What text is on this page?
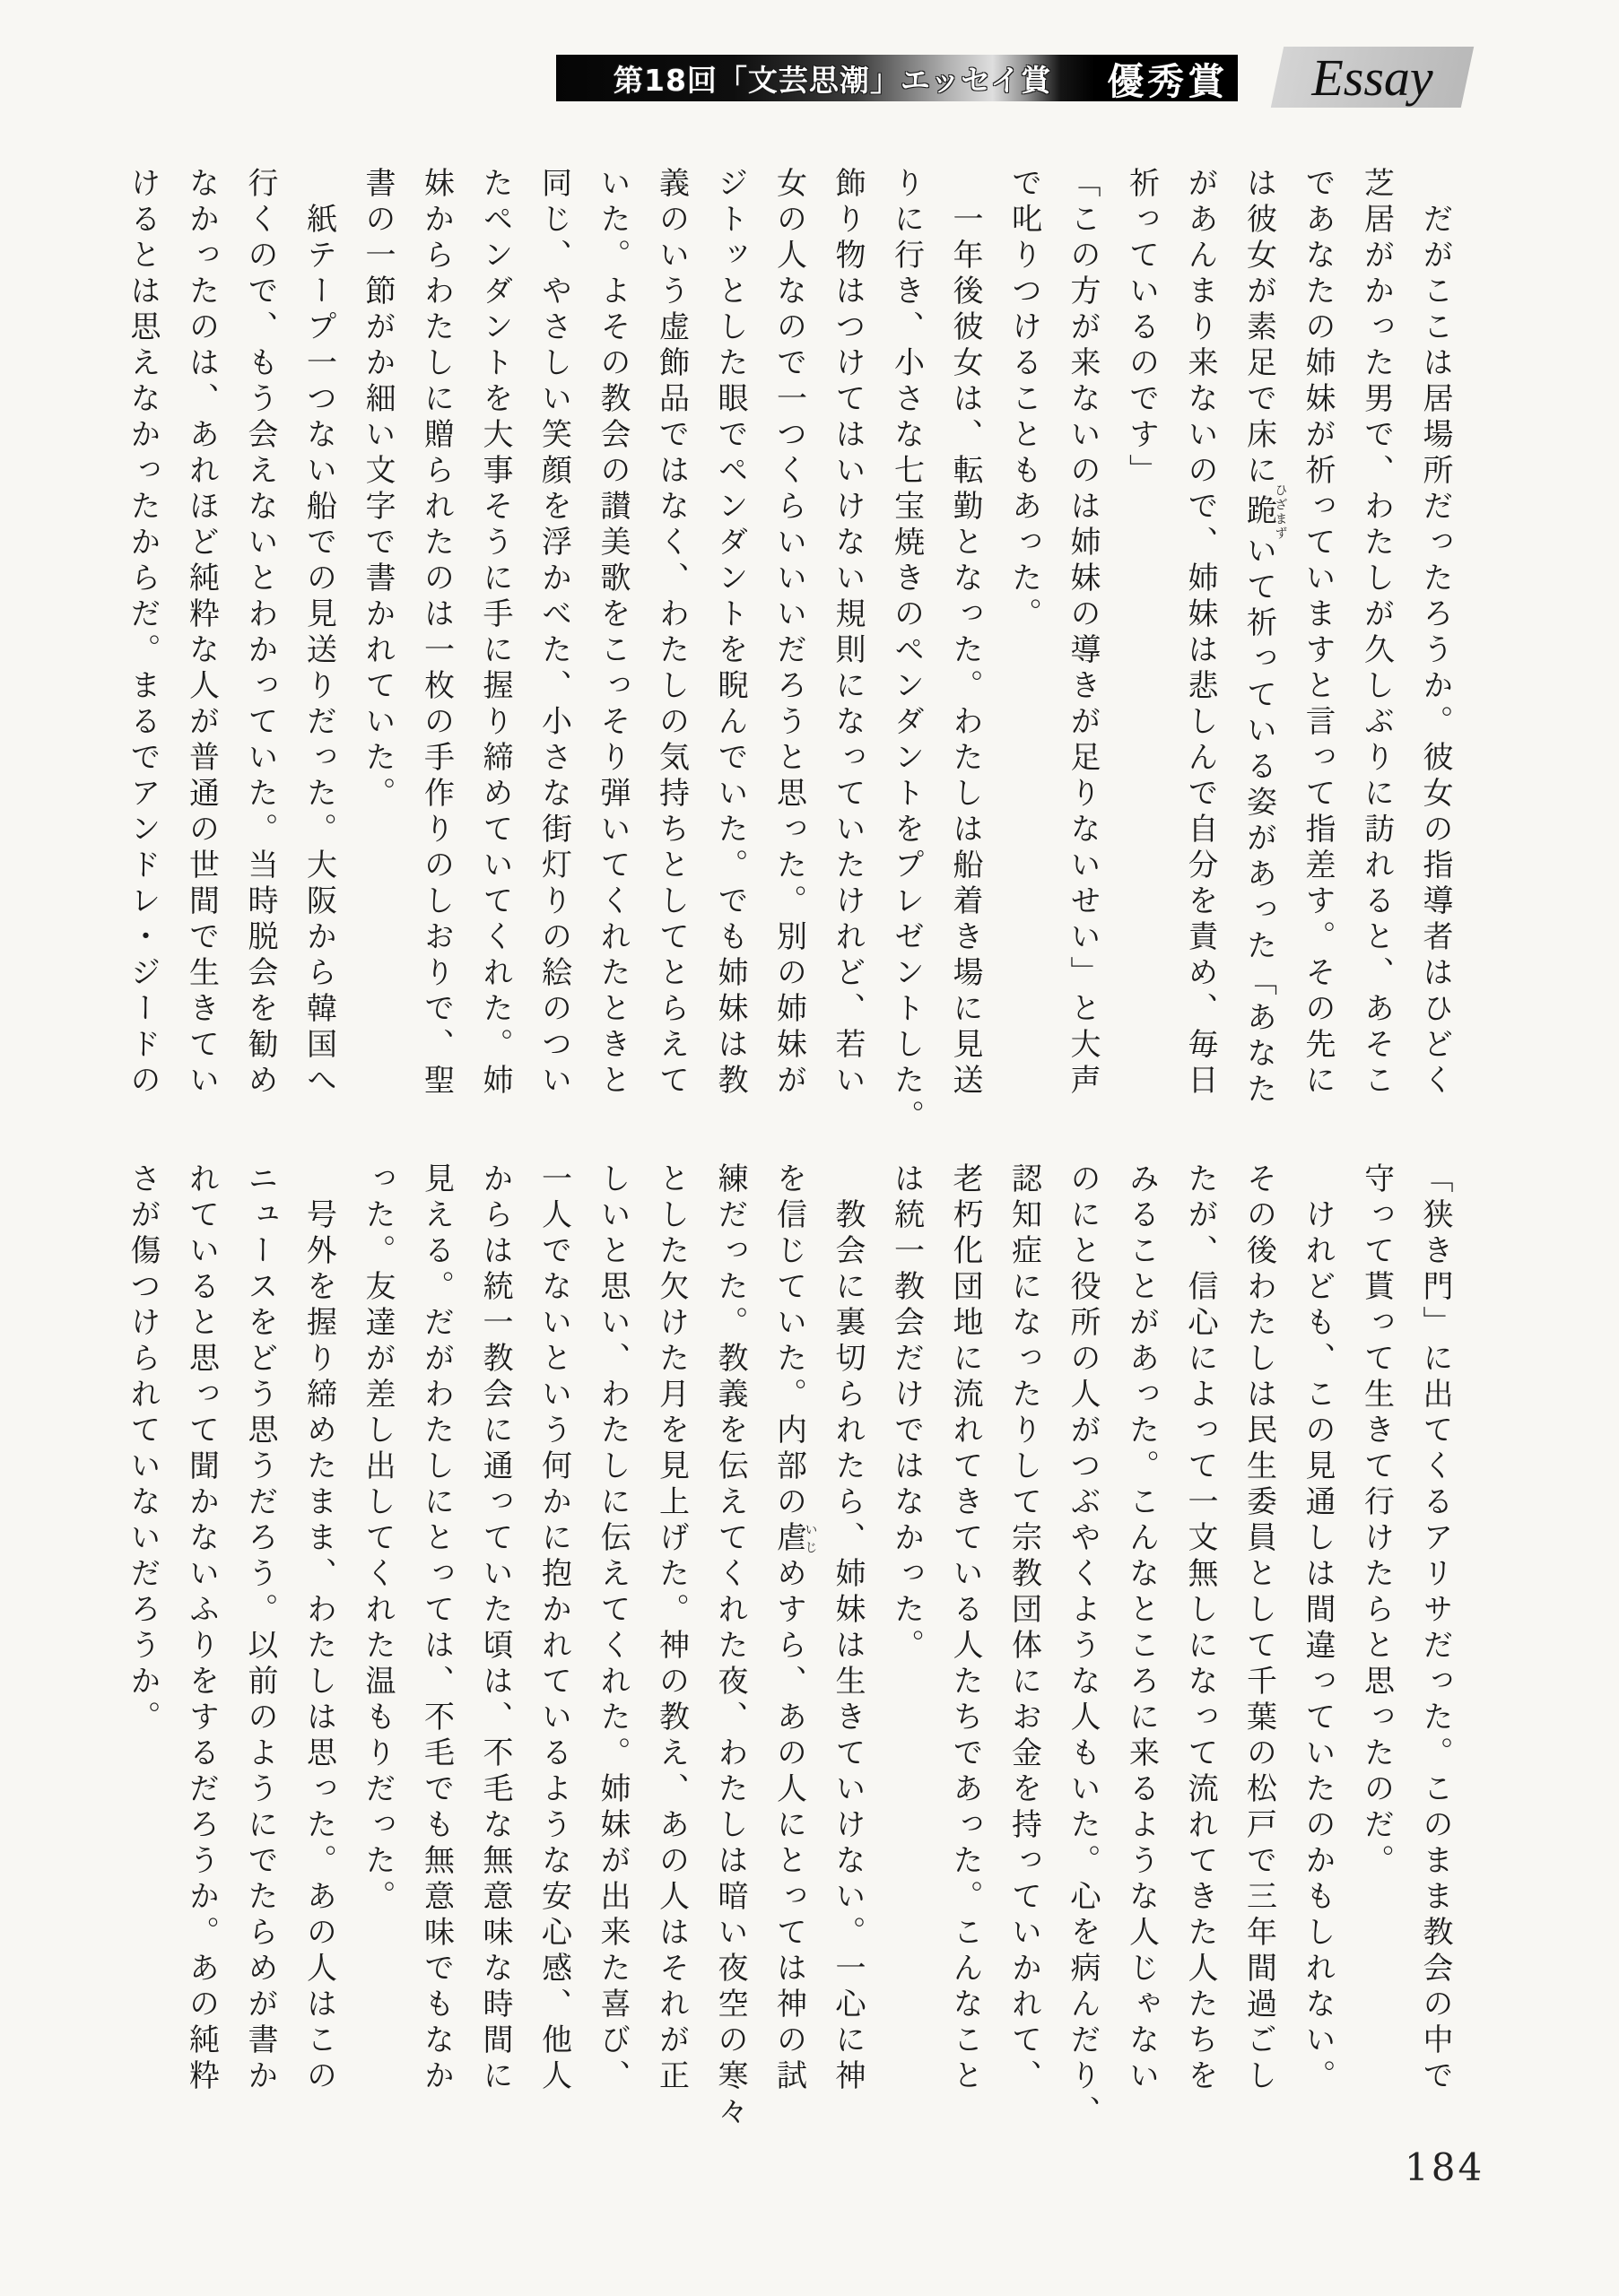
第18回「文芸思潮」エッセイ賞 優秀賞	Essay
　だがここは居場所だったろうか。彼女の指導者はひどく
芝居がかった男で、わたしが久しぶりに訪れると、あそこ
であなたの姉妹が祈っていますと言って指差す。その先に
は彼女が素足で床に跪ひざまずいて祈っている姿があった「あなた
があんまり来ないので、姉妹は悲しんで自分を責め、毎日
祈っているのです」
「この方が来ないのは姉妹の導きが足りないせい」と大声
で叱りつけることもあった。
　一年後彼女は、転勤となった。わたしは船着き場に見送
りに行き、小さな七宝焼きのペンダントをプレゼントした。
飾り物はつけてはいけない規則になっていたけれど、若い
女の人なので一つくらいいいだろうと思った。別の姉妹が
ジトッとした眼でペンダントを睨んでいた。でも姉妹は教
義のいう虚飾品ではなく、わたしの気持ちとしてとらえて
いた。よその教会の讃美歌をこっそり弾いてくれたときと
同じ、やさしい笑顔を浮かべた、小さな街灯りの絵のつい
たペンダントを大事そうに手に握り締めていてくれた。姉
妹からわたしに贈られたのは一枚の手作りのしおりで、聖
書の一節がか細い文字で書かれていた。
　紙テープ一つない船での見送りだった。大阪から韓国へ
行くので、もう会えないとわかっていた。当時脱会を勧め
なかったのは、あれほど純粋な人が普通の世間で生きてい
けるとは思えなかったからだ。まるでアンドレ・ジードの
「狭き門」に出てくるアリサだった。このまま教会の中で
守って貰って生きて行けたらと思ったのだ。
　けれども、この見通しは間違っていたのかもしれない。
その後わたしは民生委員として千葉の松戸で三年間過ごし
たが、信心によって一文無しになって流れてきた人たちを
みることがあった。こんなところに来るような人じゃない
のにと役所の人がつぶやくような人もいた。心を病んだり、
認知症になったりして宗教団体にお金を持っていかれて、
老朽化団地に流れてきている人たちであった。こんなこと
は統一教会だけではなかった。
　教会に裏切られたら、姉妹は生きていけない。一心に神
を信じていた。内部の虐いじめすら、あの人にとっては神の試
練だった。教義を伝えてくれた夜、わたしは暗い夜空の寒々
とした欠けた月を見上げた。神の教え、あの人はそれが正
しいと思い、わたしに伝えてくれた。姉妹が出来た喜び、
一人でないという何かに抱かれているような安心感、他人
からは統一教会に通っていた頃は、不毛な無意味な時間に
見える。だがわたしにとっては、不毛でも無意味でもなか
った。友達が差し出してくれた温もりだった。
　号外を握り締めたまま、わたしは思った。あの人はこの
ニュースをどう思うだろう。以前のようにでたらめが書か
れていると思って聞かないふりをするだろうか。あの純粋
さが傷つけられていないだろうか。
184
